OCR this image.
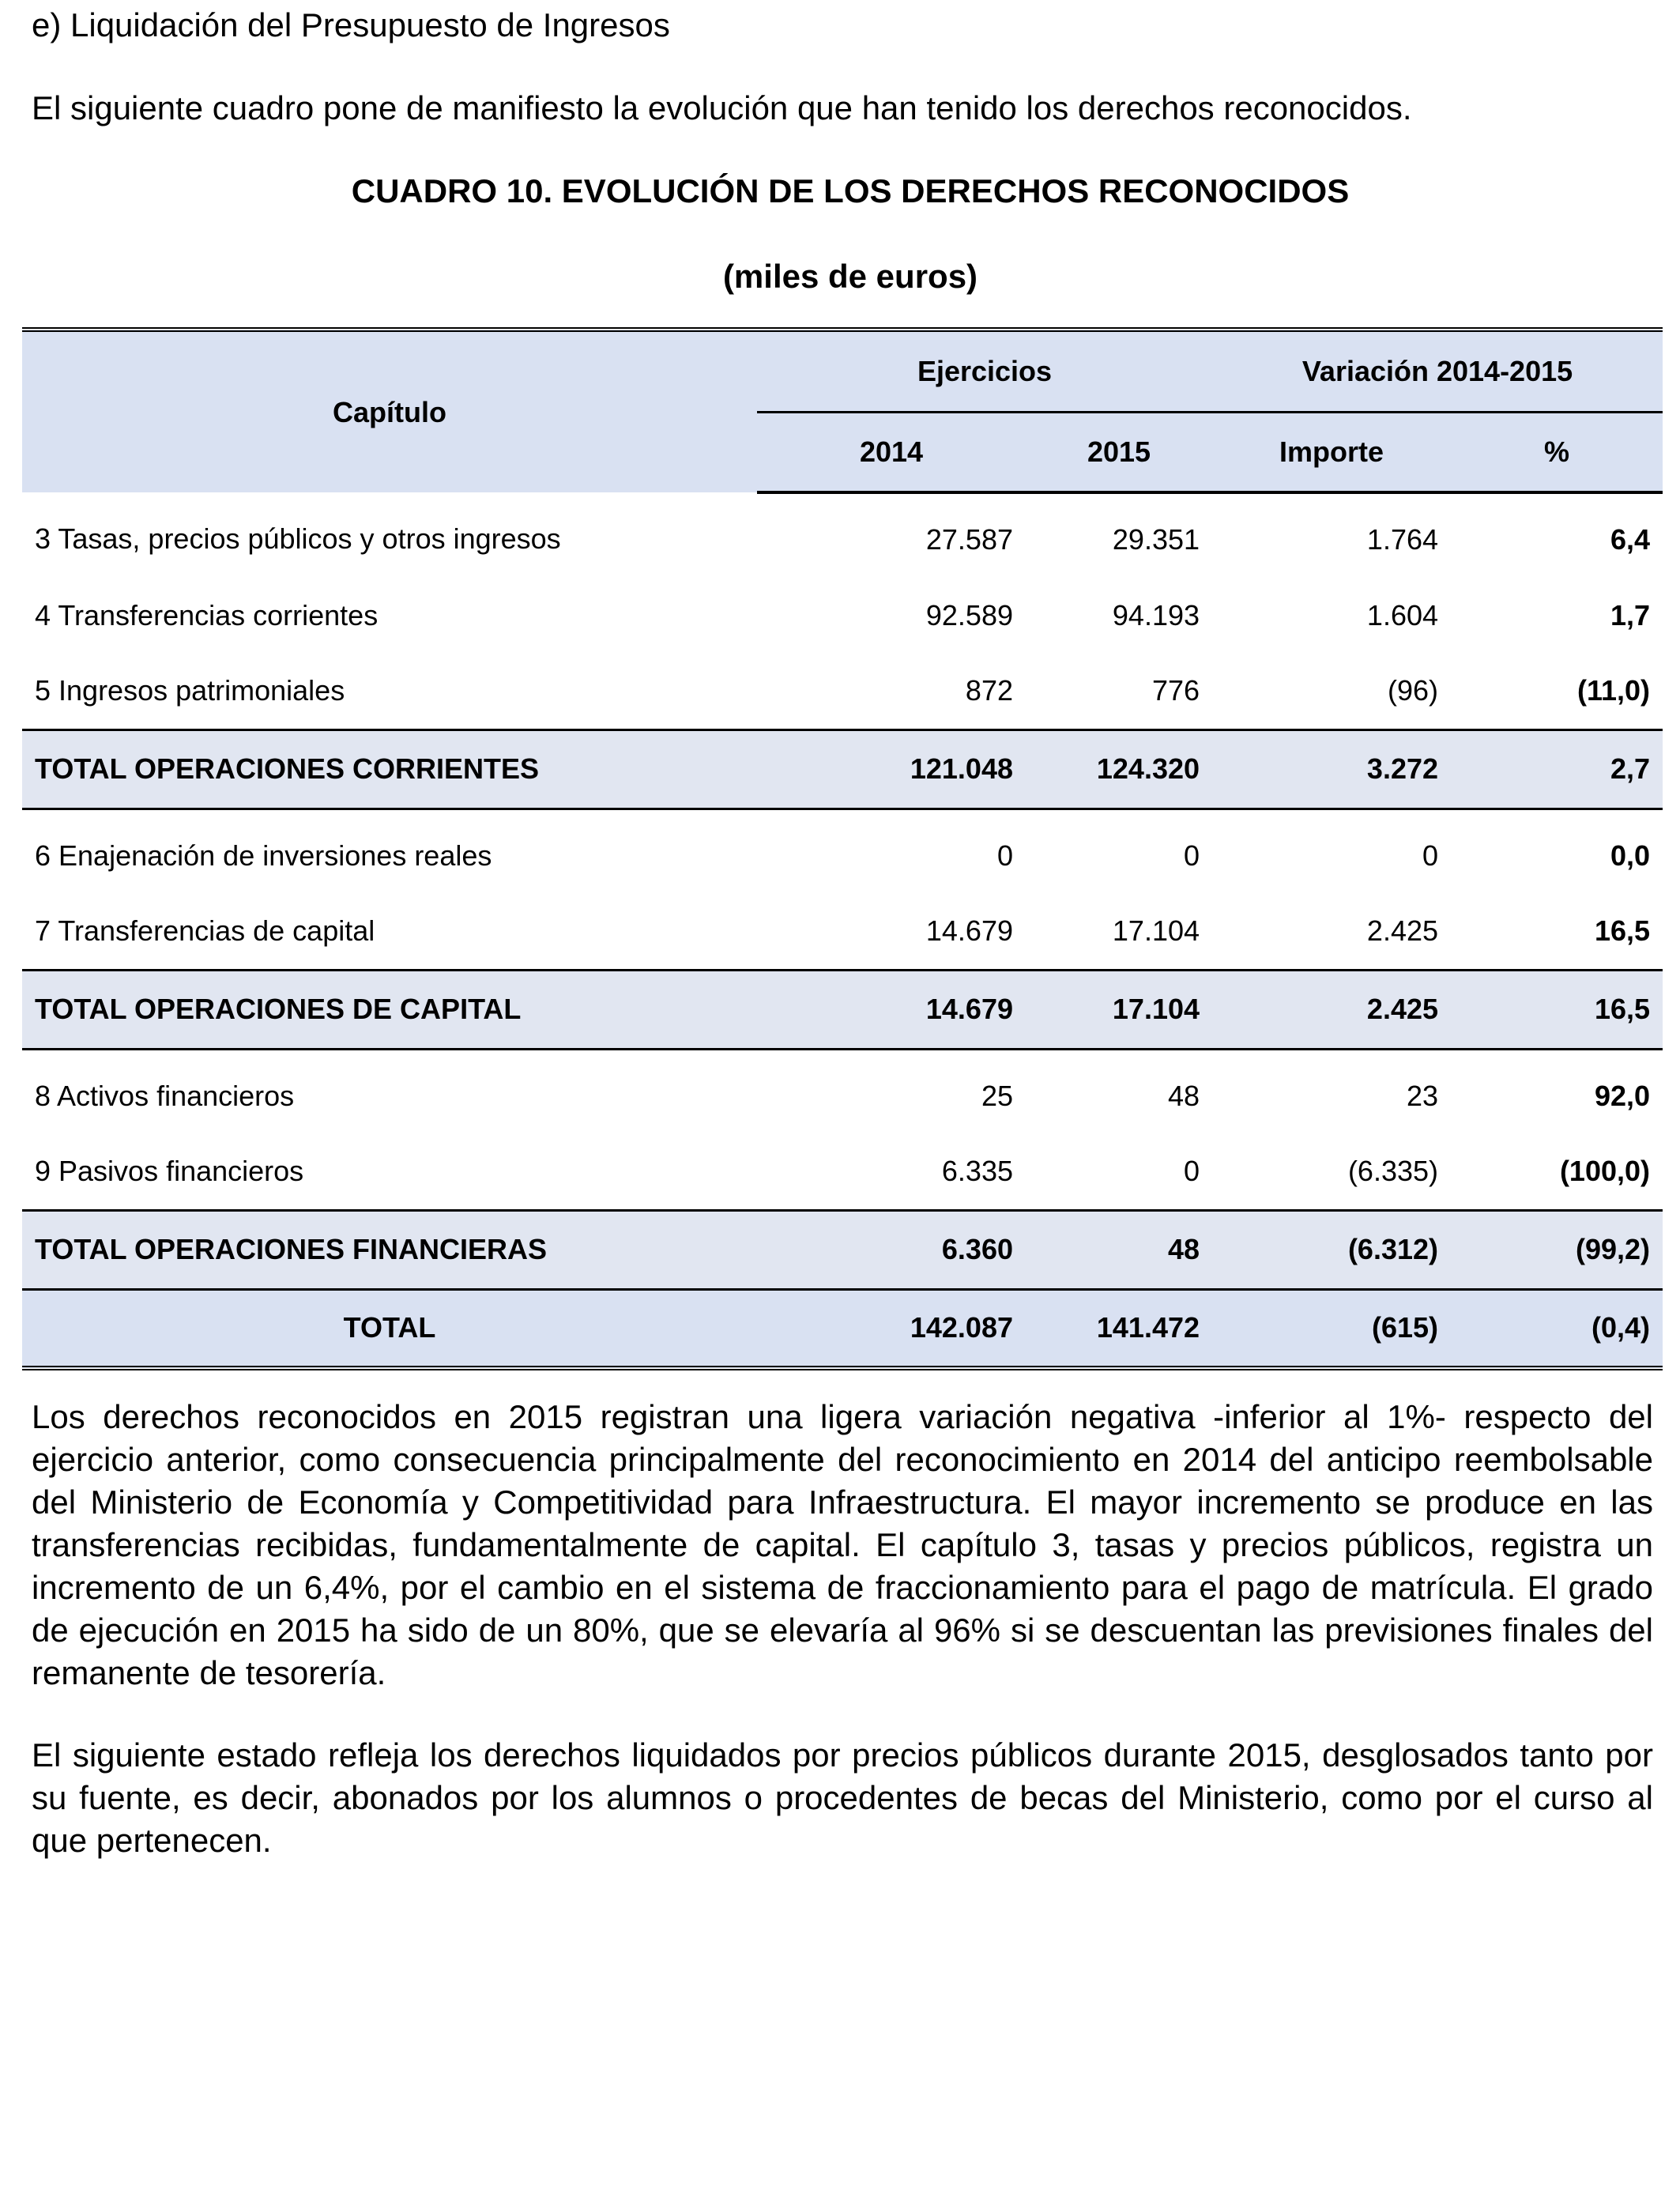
e) Liquidación del Presupuesto de Ingresos

El siguiente cuadro pone de manifiesto la evolución que han tenido los derechos reconocidos.

CUADRO 10. EVOLUCIÓN DE LOS DERECHOS RECONOCIDOS
(miles de euros)
Capítulo	Ejercicios		Variación 2014-2015	
	2014	2015	Importe	%
3 Tasas, precios públicos y otros ingresos	27.587	29.351	1.764	6,4
4 Transferencias corrientes	92.589	94.193	1.604	1,7
5 Ingresos patrimoniales	872	776	(96)	(11,0)
TOTAL OPERACIONES CORRIENTES	121.048	124.320	3.272	2,7
6 Enajenación de inversiones reales	0	0	0	0,0
7 Transferencias de capital	14.679	17.104	2.425	16,5
TOTAL OPERACIONES DE CAPITAL	14.679	17.104	2.425	16,5
8 Activos financieros	25	48	23	92,0
9 Pasivos financieros	6.335	0	(6.335)	(100,0)
TOTAL OPERACIONES FINANCIERAS	6.360	48	(6.312)	(99,2)
TOTAL	142.087	141.472	(615)	(0,4)

Los derechos reconocidos en 2015 registran una ligera variación negativa -inferior al 1%- respecto del ejercicio anterior, como consecuencia principalmente del reconocimiento en 2014 del anticipo reembolsable del Ministerio de Economía y Competitividad para Infraestructura. El mayor incremento se produce en las transferencias recibidas, fundamentalmente de capital. El capítulo 3, tasas y precios públicos, registra un incremento de un 6,4%, por el cambio en el sistema de fraccionamiento para el pago de matrícula. El grado de ejecución en 2015 ha sido de un 80%, que se elevaría al 96% si se descuentan las previsiones finales del remanente de tesorería.

El siguiente estado refleja los derechos liquidados por precios públicos durante 2015, desglosados tanto por su fuente, es decir, abonados por los alumnos o procedentes de becas del Ministerio, como por el curso al que pertenecen.
